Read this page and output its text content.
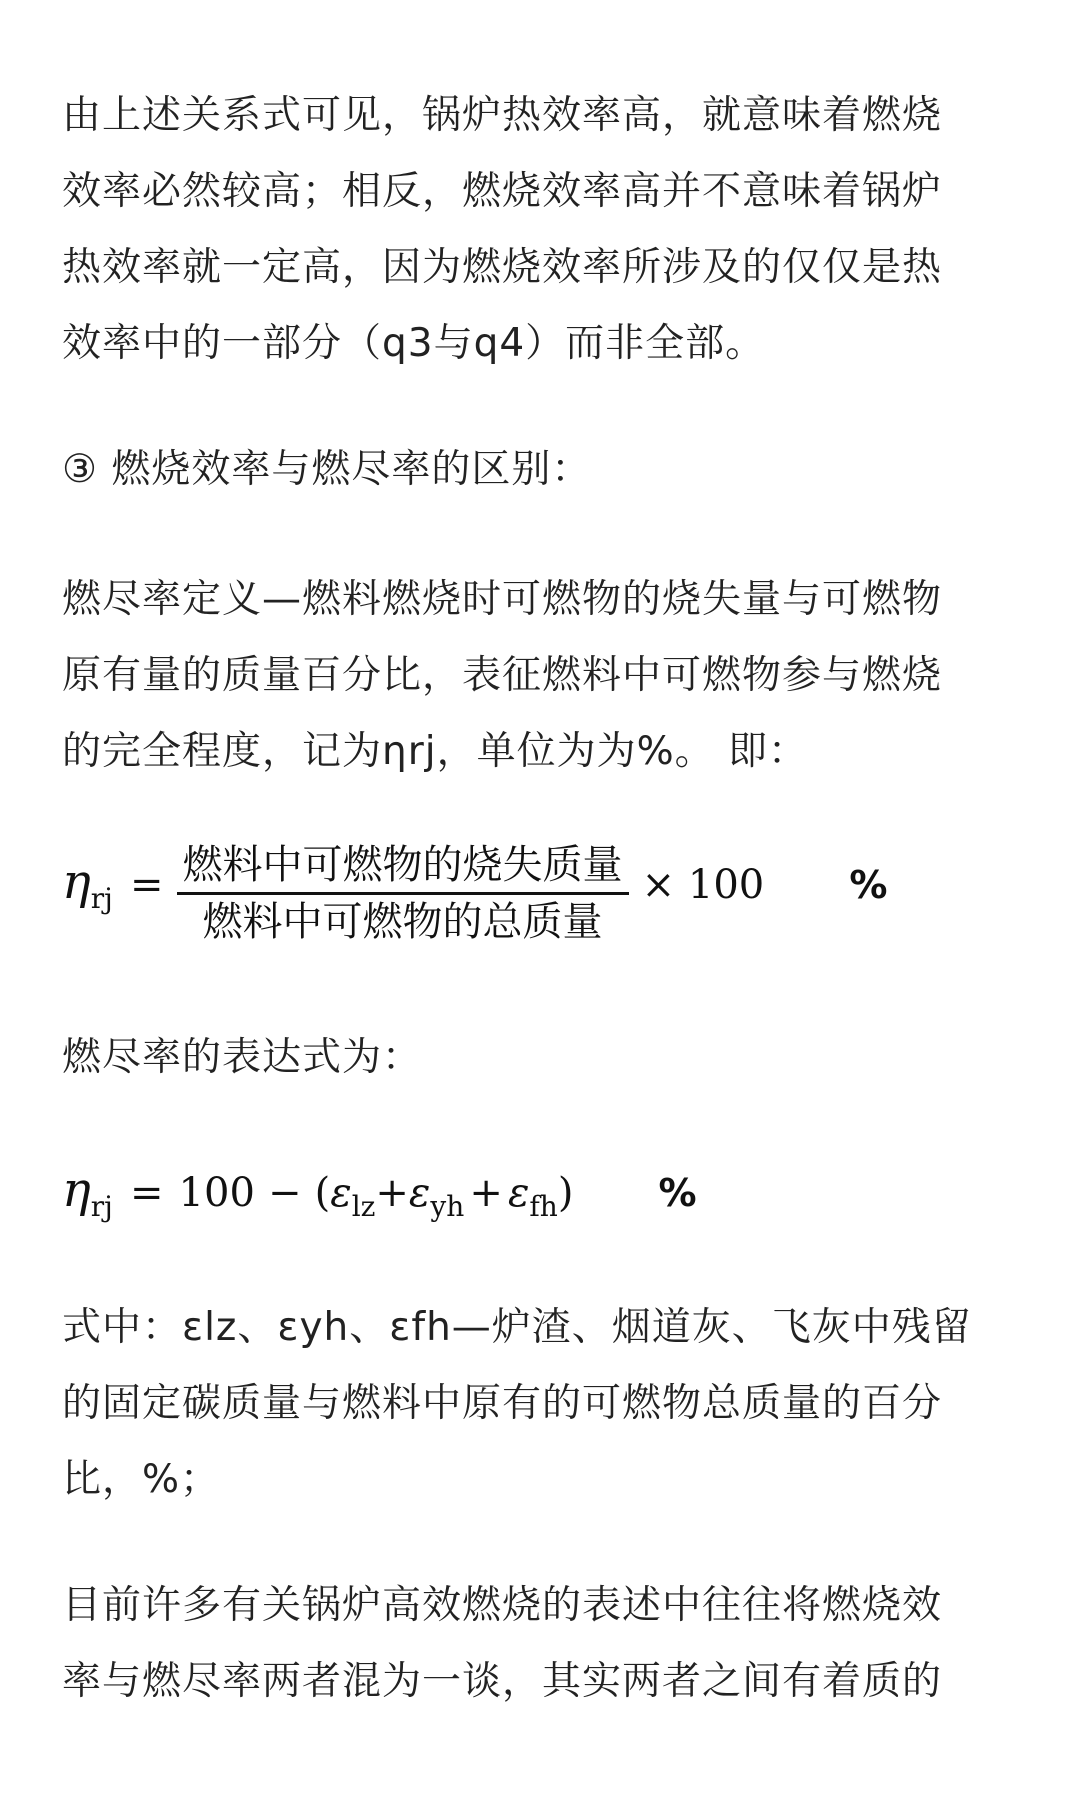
由上述关系式可见，锅炉热效率高，就意味着燃烧
效率必然较高；相反，燃烧效率高并不意味着锅炉
热效率就一定高，因为燃烧效率所涉及的仅仅是热
效率中的一部分（q3与q4）而非全部。

③ 燃烧效率与燃尽率的区别：

燃尽率定义—燃料燃烧时可燃物的烧失量与可燃物
原有量的质量百分比，表征燃料中可燃物参与燃烧
的完全程度，记为ηrj，单位为为%。 即：

$\eta rj = \frac{\text{燃料中可燃物的烧失质量}}{\text{燃料中可燃物的总质量}} \times 100$ %

燃尽率的表达式为：

ηrj = 100 − (εlz+εyh + εfh) %

式中：εlz、εyh、εfh—炉渣、烟道灰、飞灰中残留
的固定碳质量与燃料中原有的可燃物总质量的百分
比，%；

目前许多有关锅炉高效燃烧的表述中往往将燃烧效
率与燃尽率两者混为一谈，其实两者之间有着质的
